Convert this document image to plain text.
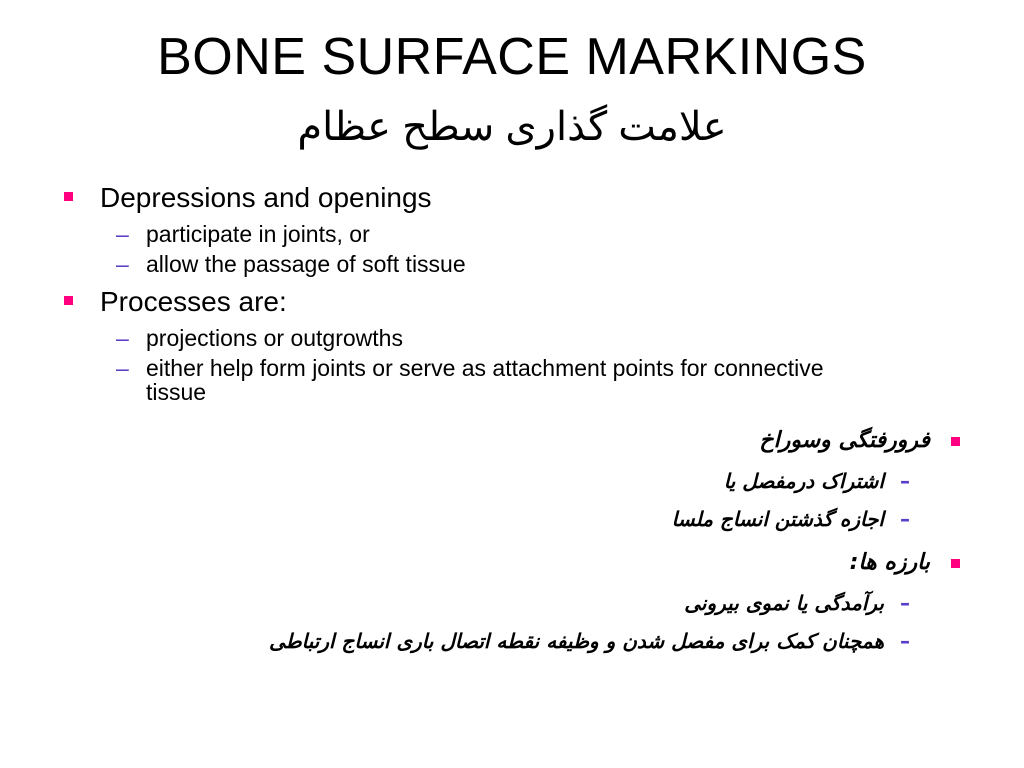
BONE SURFACE MARKINGS
علامت گذاری سطح عظام
Depressions and openings
– participate in joints, or
– allow the passage of soft tissue
Processes are:
– projections or outgrowths
– either help form joints or serve as attachment points for connective tissue
فرورفتگی وسوراخ
–
اشتراک درمفصل یا
–
اجازه گذشتن انساج ملسا
بارزه ها:
–
برآمدگی یا نموی بیرونی
–
همچنان کمک برای مفصل شدن و وظیفه نقطه اتصال باری انساج ارتباطی
